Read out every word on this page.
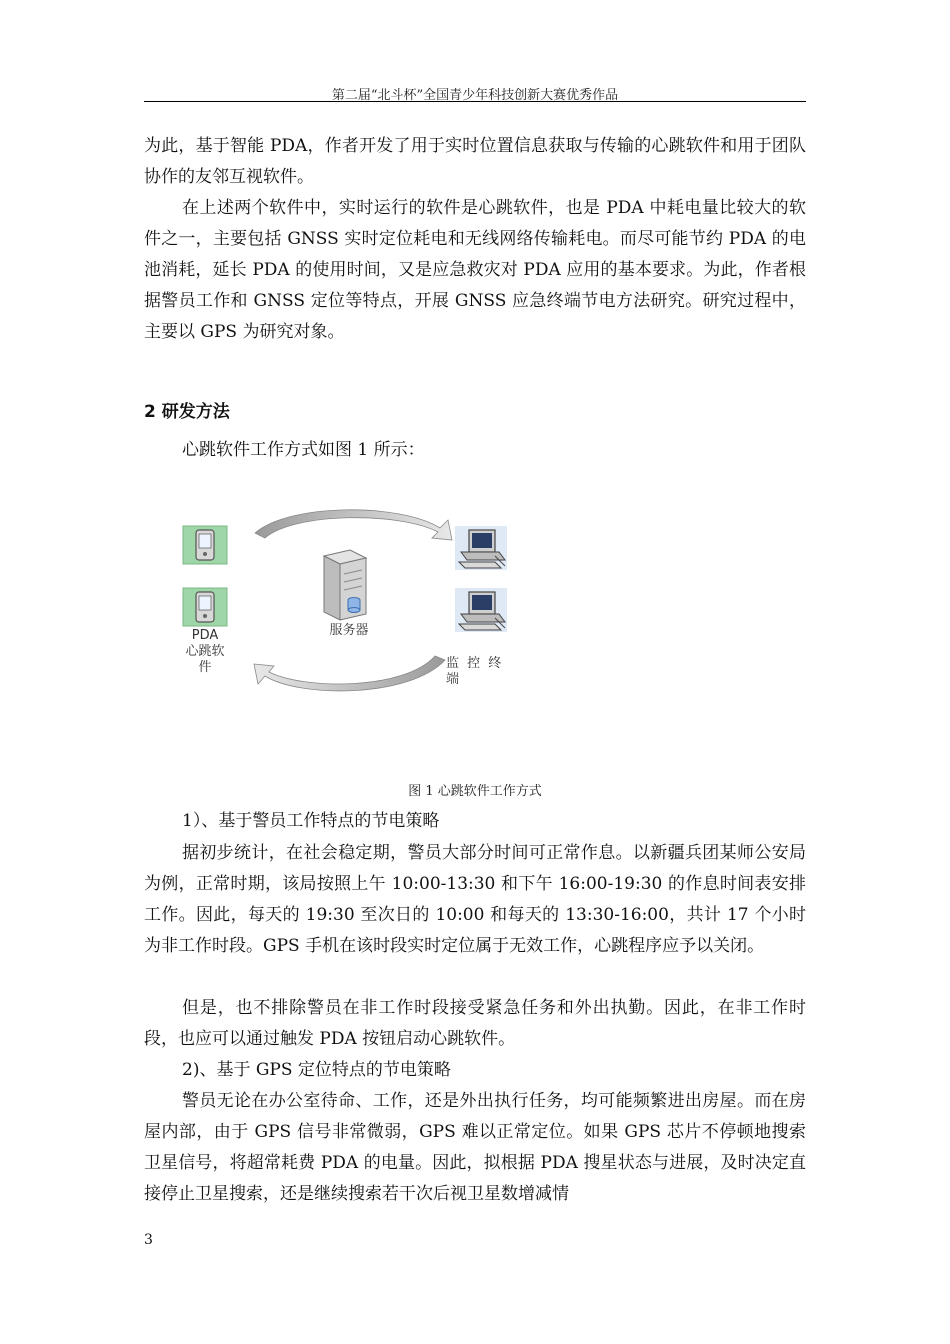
第二届“北斗杯”全国青少年科技创新大赛优秀作品

为此，基于智能 PDA，作者开发了用于实时位置信息获取与传输的心跳软件和用于团队协作的友邻互视软件。

在上述两个软件中，实时运行的软件是心跳软件，也是 PDA 中耗电量比较大的软件之一，主要包括 GNSS 实时定位耗电和无线网络传输耗电。而尽可能节约 PDA 的电池消耗，延长 PDA 的使用时间，又是应急救灾对 PDA 应用的基本要求。为此，作者根据警员工作和 GNSS 定位等特点，开展 GNSS 应急终端节电方法研究。研究过程中，主要以 GPS 为研究对象。

2 研发方法

心跳软件工作方式如图 1 所示：

PDA
心跳软
件
服务器
监 控 终
端
图 1 心跳软件工作方式

1）、基于警员工作特点的节电策略

据初步统计，在社会稳定期，警员大部分时间可正常作息。以新疆兵团某师公安局为例，正常时期，该局按照上午 10:00-13:30 和下午 16:00-19:30 的作息时间表安排工作。因此，每天的 19:30 至次日的 10:00 和每天的 13:30-16:00，共计 17 个小时为非工作时段。GPS 手机在该时段实时定位属于无效工作，心跳程序应予以关闭。

但是，也不排除警员在非工作时段接受紧急任务和外出执勤。因此，在非工作时段，也应可以通过触发 PDA 按钮启动心跳软件。

2)、基于 GPS 定位特点的节电策略

警员无论在办公室待命、工作，还是外出执行任务，均可能频繁进出房屋。而在房屋内部，由于 GPS 信号非常微弱，GPS 难以正常定位。如果 GPS 芯片不停顿地搜索卫星信号，将超常耗费 PDA 的电量。因此，拟根据 PDA 搜星状态与进展，及时决定直接停止卫星搜索，还是继续搜索若干次后视卫星数增减情

3
